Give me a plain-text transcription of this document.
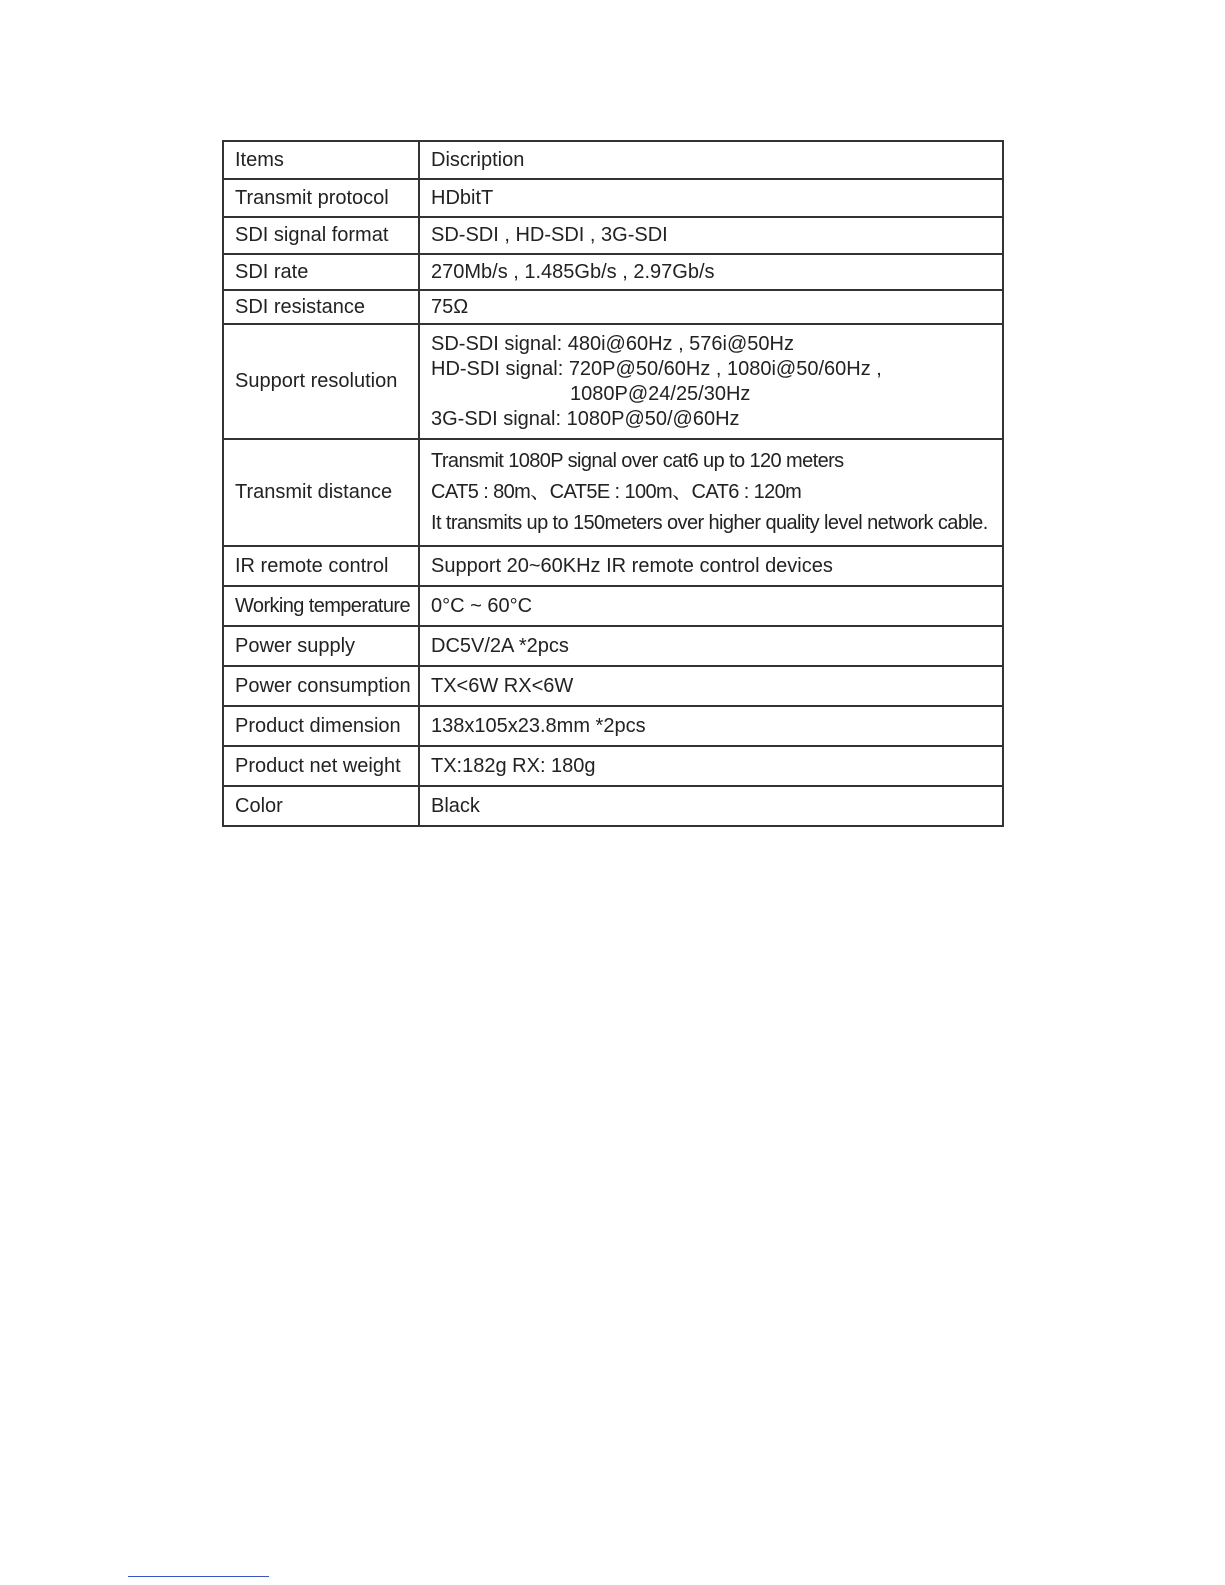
Items	Discription
Transmit protocol	HDbitT
SDI signal format	SD-SDI , HD-SDI , 3G-SDI
SDI rate	270Mb/s , 1.485Gb/s , 2.97Gb/s
SDI resistance	75Ω
Support resolution	SD-SDI signal: 480i@60Hz , 576i@50Hz
HD-SDI signal: 720P@50/60Hz , 1080i@50/60Hz ,
1080P@24/25/30Hz
3G-SDI signal: 1080P@50/@60Hz

Transmit distance	Transmit 1080P signal over cat6 up to 120 meters
CAT5 : 80m、CAT5E : 100m、CAT6 : 120m
It transmits up to 150meters over higher quality level network cable.

IR remote control	Support 20~60KHz IR remote control devices
Working temperature	0°C ~ 60°C
Power supply	DC5V/2A *2pcs
Power consumption	TX<6W RX<6W
Product dimension	138x105x23.8mm *2pcs
Product net weight	TX:182g RX: 180g
Color	Black
